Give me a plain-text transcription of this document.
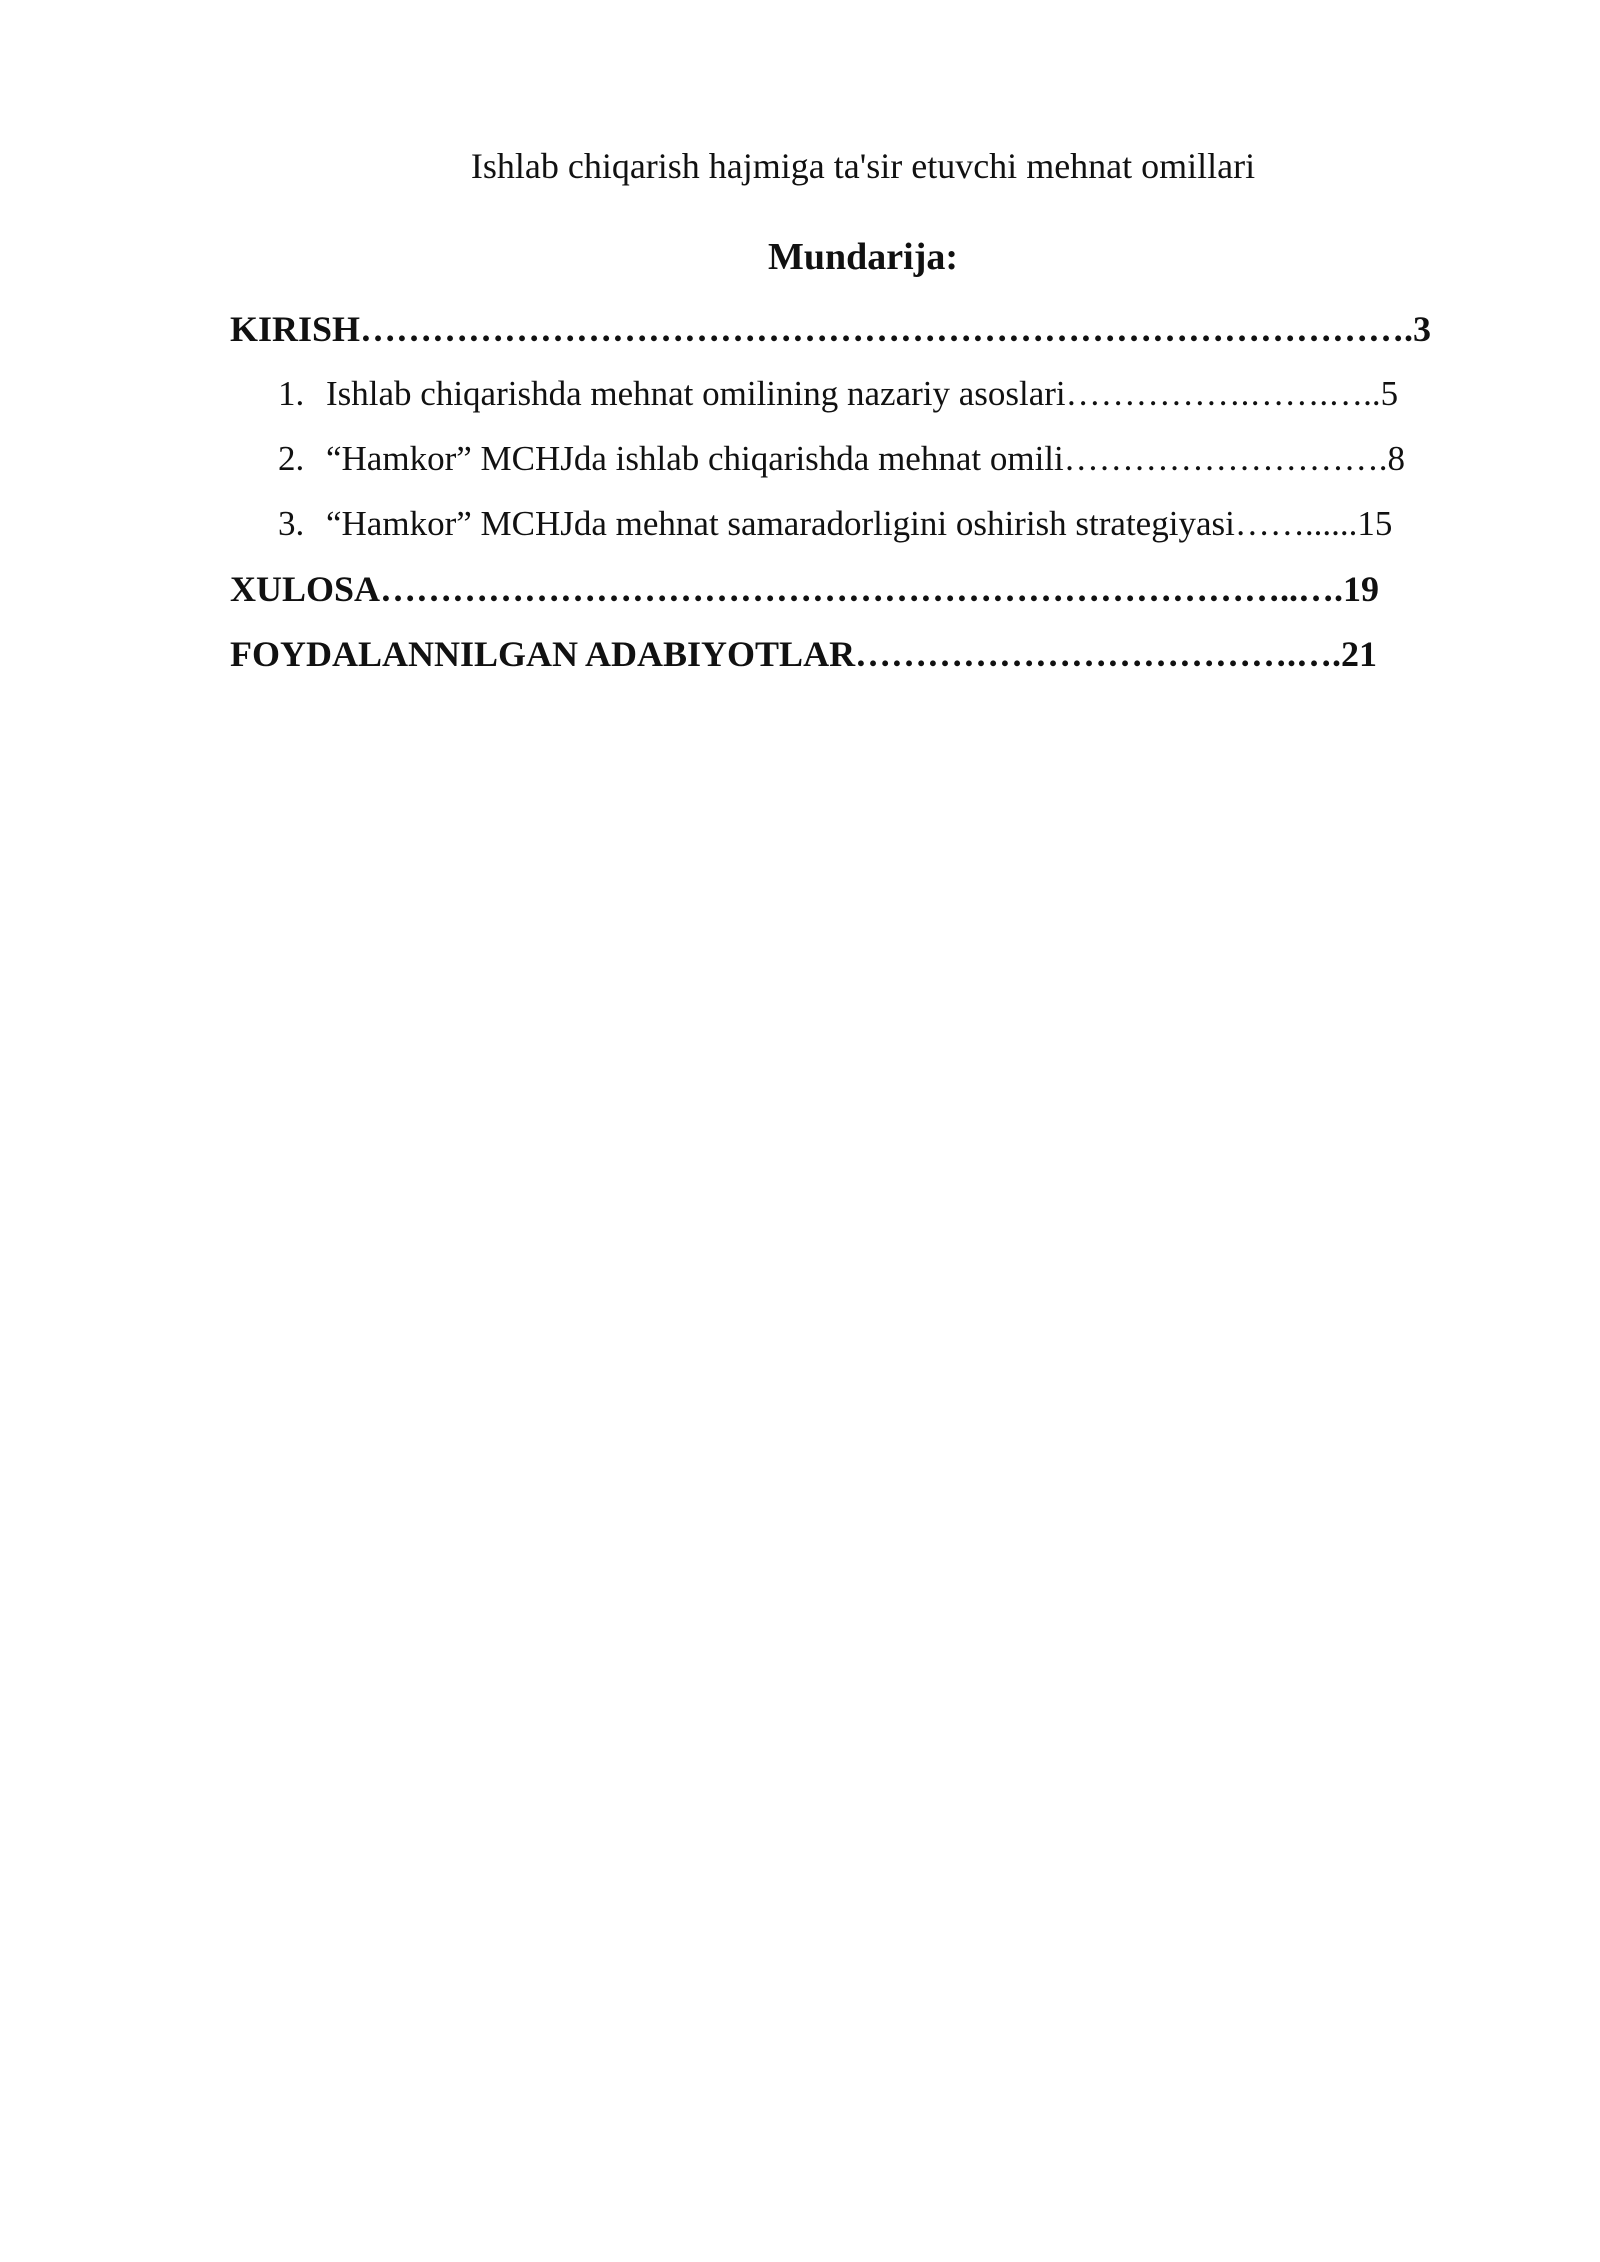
Ishlab chiqarish hajmiga ta'sir etuvchi mehnat omillari
Mundarija:
KIRISH…………………………………………………………………………….3
1. Ishlab chiqarishda mehnat omilining nazariy asoslari…………….…….…..5
2. “Hamkor” MCHJda ishlab chiqarishda mehnat omili……………………….8
3. “Hamkor” MCHJda mehnat samaradorligini oshirish strategiyasi……......15
XULOSA…………………………………………………………………..….19
FOYDALANNILGAN ADABIYOTLAR……………………………….….21
